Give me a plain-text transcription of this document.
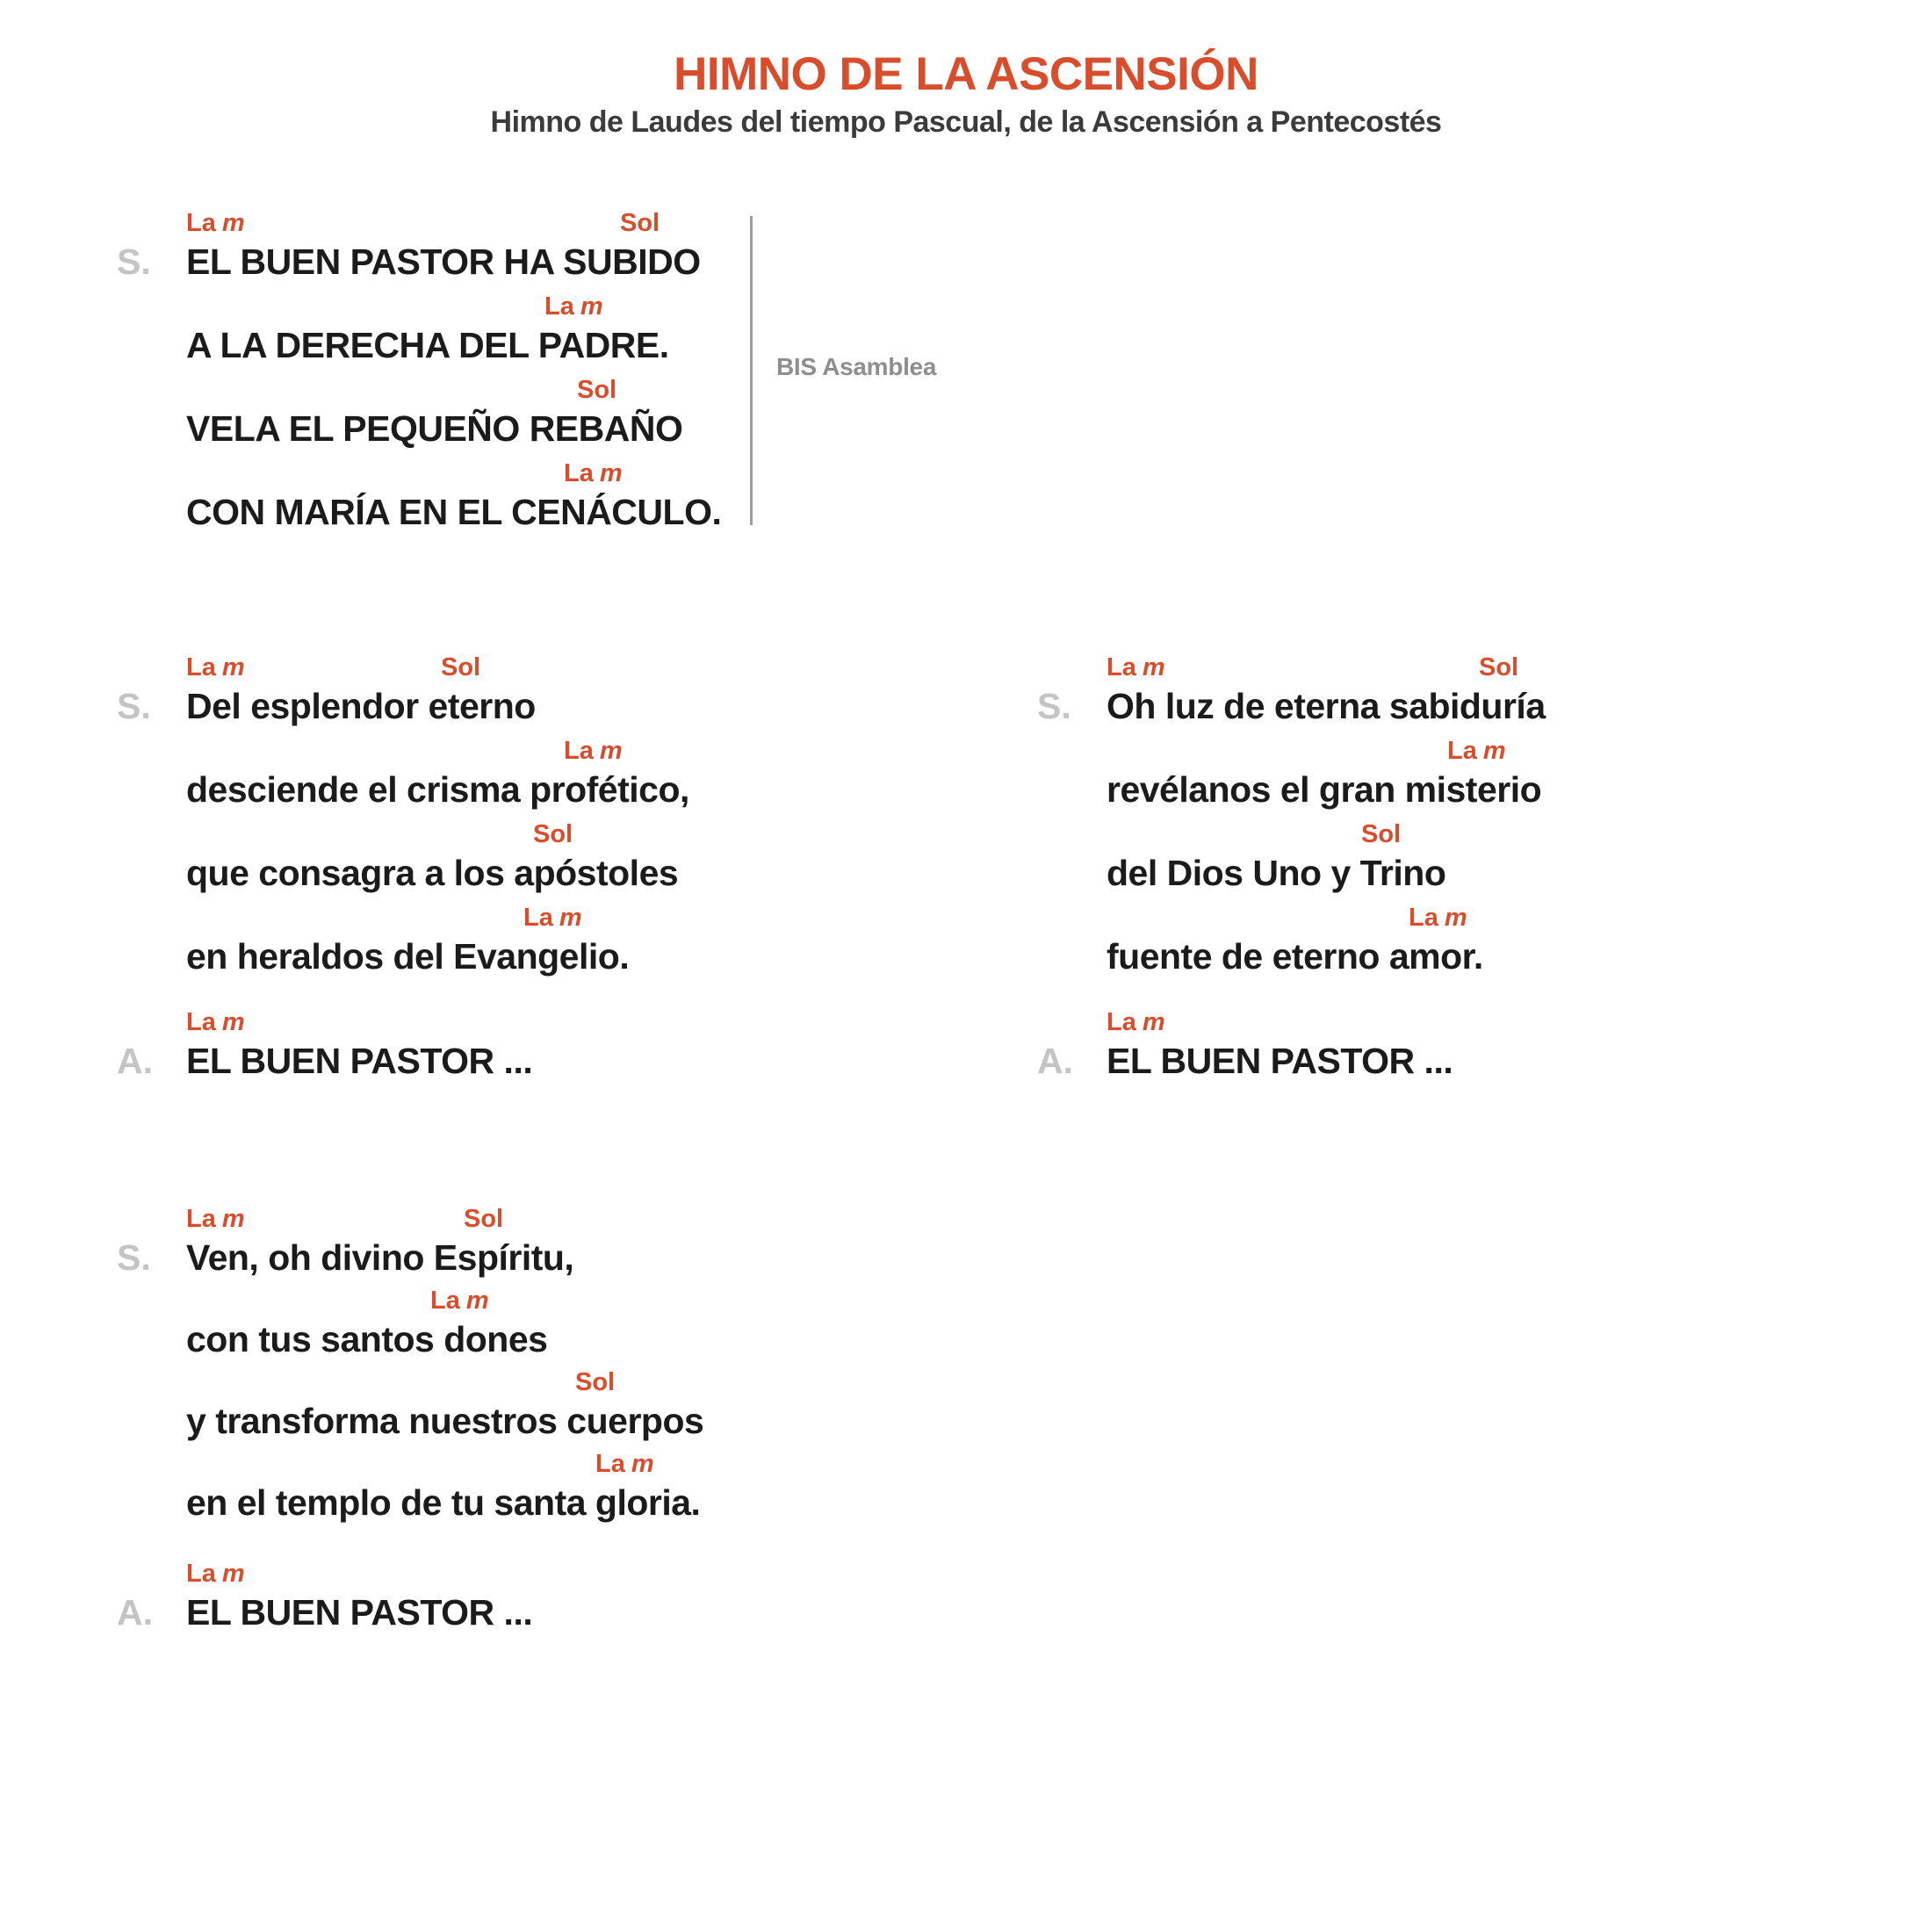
HIMNO DE LA ASCENSIÓN
Himno de Laudes del tiempo Pascual, de la Ascensión a Pentecostés
S.
La m	Sol
EL BUEN PASTOR HA SUBIDO
La m
A LA DERECHA DEL PADRE.
Sol
VELA EL PEQUEÑO REBAÑO
La m
CON MARÍA EN EL CENÁCULO.
BIS Asamblea
S.
La m	Sol
Del esplendor eterno
La m
desciende el crisma profético,
Sol
que consagra a los apóstoles
La m
en heraldos del Evangelio.
La m
A. EL BUEN PASTOR ...
S.
La m	Sol
Oh luz de eterna sabiduría
La m
revélanos el gran misterio
Sol
del Dios Uno y Trino
La m
fuente de eterno amor.
La m
A. EL BUEN PASTOR ...
S.
La m	Sol
Ven, oh divino Espíritu,
La m
con tus santos dones
Sol
y transforma nuestros cuerpos
La m
en el templo de tu santa gloria.
La m
A. EL BUEN PASTOR ...
